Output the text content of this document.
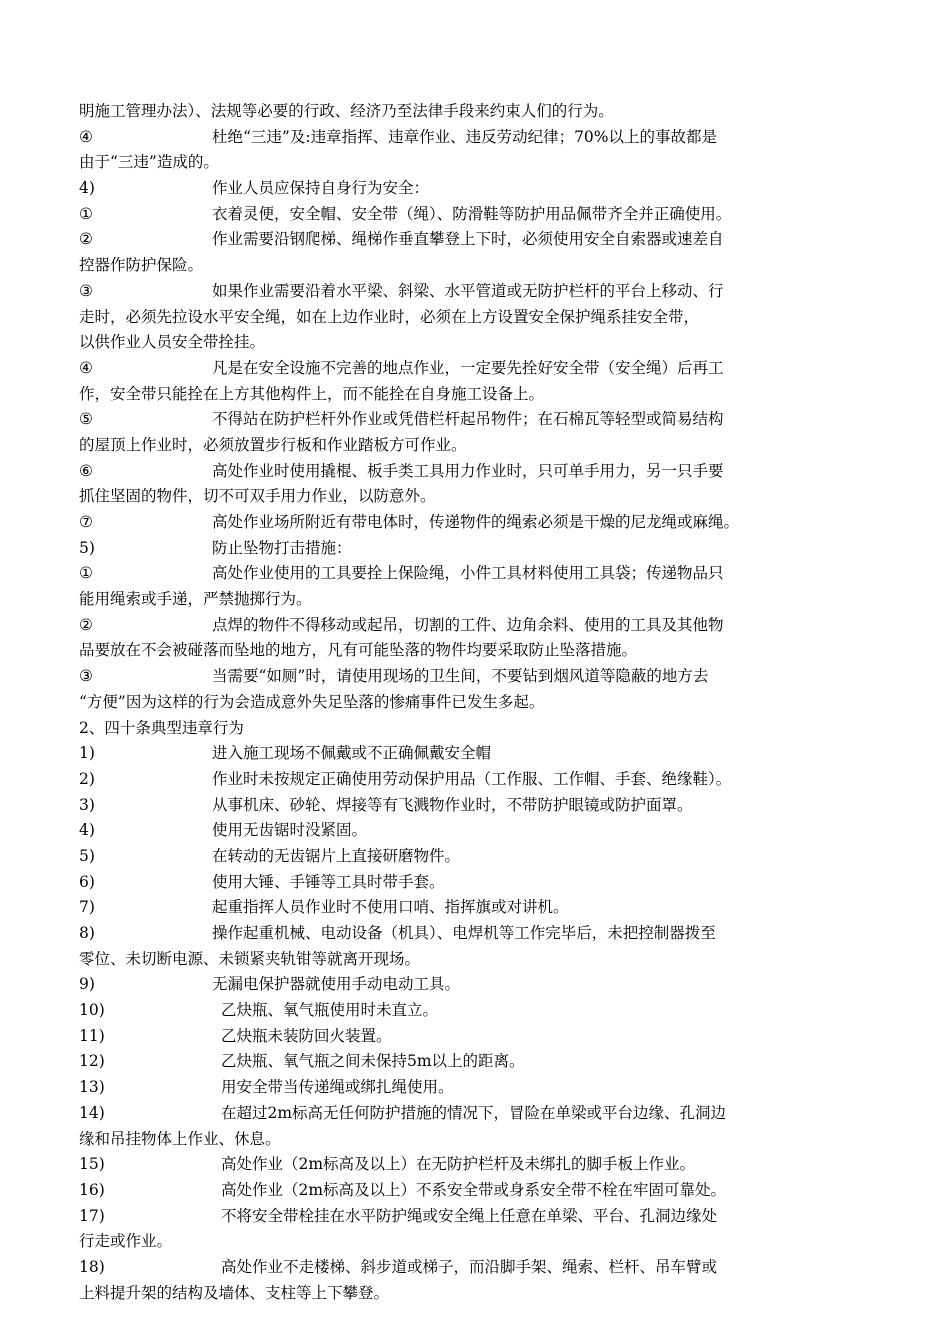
明施工管理办法）、法规等必要的行政、经济乃至法律手段来约束人们的行为。
④	杜绝“三违”及:违章指挥、违章作业、违反劳动纪律；70%以上的事故都是
由于“三违”造成的。
4)	作业人员应保持自身行为安全：
①	衣着灵便，安全帽、安全带（绳）、防滑鞋等防护用品佩带齐全并正确使用。
②	作业需要沿钢爬梯、绳梯作垂直攀登上下时，必须使用安全自索器或速差自
控器作防护保险。
③	如果作业需要沿着水平梁、斜梁、水平管道或无防护栏杆的平台上移动、行
走时，必须先拉设水平安全绳，如在上边作业时，必须在上方设置安全保护绳系挂安全带，
以供作业人员安全带拴挂。
④	凡是在安全设施不完善的地点作业，一定要先拴好安全带（安全绳）后再工
作，安全带只能拴在上方其他构件上，而不能拴在自身施工设备上。
⑤	不得站在防护栏杆外作业或凭借栏杆起吊物件；在石棉瓦等轻型或简易结构
的屋顶上作业时，必须放置步行板和作业踏板方可作业。
⑥	高处作业时使用撬棍、板手类工具用力作业时，只可单手用力，另一只手要
抓住坚固的物件，切不可双手用力作业，以防意外。
⑦	高处作业场所附近有带电体时，传递物件的绳索必须是干燥的尼龙绳或麻绳。
5)	防止坠物打击措施：
①	高处作业使用的工具要拴上保险绳，小件工具材料使用工具袋；传递物品只
能用绳索或手递，严禁抛掷行为。
②	点焊的物件不得移动或起吊，切割的工件、边角余料、使用的工具及其他物
品要放在不会被碰落而坠地的地方，凡有可能坠落的物件均要采取防止坠落措施。
③	当需要“如厕”时，请使用现场的卫生间，不要钻到烟风道等隐蔽的地方去
“方便”因为这样的行为会造成意外失足坠落的惨痛事件已发生多起。
2、四十条典型违章行为
1)	进入施工现场不佩戴或不正确佩戴安全帽
2)	作业时未按规定正确使用劳动保护用品（工作服、工作帽、手套、绝缘鞋）。
3)	从事机床、砂轮、焊接等有飞溅物作业时，不带防护眼镜或防护面罩。
4)	使用无齿锯时没紧固。
5)	在转动的无齿锯片上直接研磨物件。
6)	使用大锤、手锤等工具时带手套。
7)	起重指挥人员作业时不使用口哨、指挥旗或对讲机。
8)	操作起重机械、电动设备（机具）、电焊机等工作完毕后，未把控制器拨至
零位、未切断电源、未锁紧夹轨钳等就离开现场。
9)	无漏电保护器就使用手动电动工具。
10)	乙炔瓶、氧气瓶使用时未直立。
11)	乙炔瓶未装防回火装置。
12)	乙炔瓶、氧气瓶之间未保持5m以上的距离。
13)	用安全带当传递绳或绑扎绳使用。
14)	在超过2m标高无任何防护措施的情况下，冒险在单梁或平台边缘、孔洞边
缘和吊挂物体上作业、休息。
15)	高处作业（2m标高及以上）在无防护栏杆及未绑扎的脚手板上作业。
16)	高处作业（2m标高及以上）不系安全带或身系安全带不栓在牢固可靠处。
17)	不将安全带栓挂在水平防护绳或安全绳上任意在单梁、平台、孔洞边缘处
行走或作业。
18)	高处作业不走楼梯、斜步道或梯子，而沿脚手架、绳索、栏杆、吊车臂或
上料提升架的结构及墙体、支柱等上下攀登。
